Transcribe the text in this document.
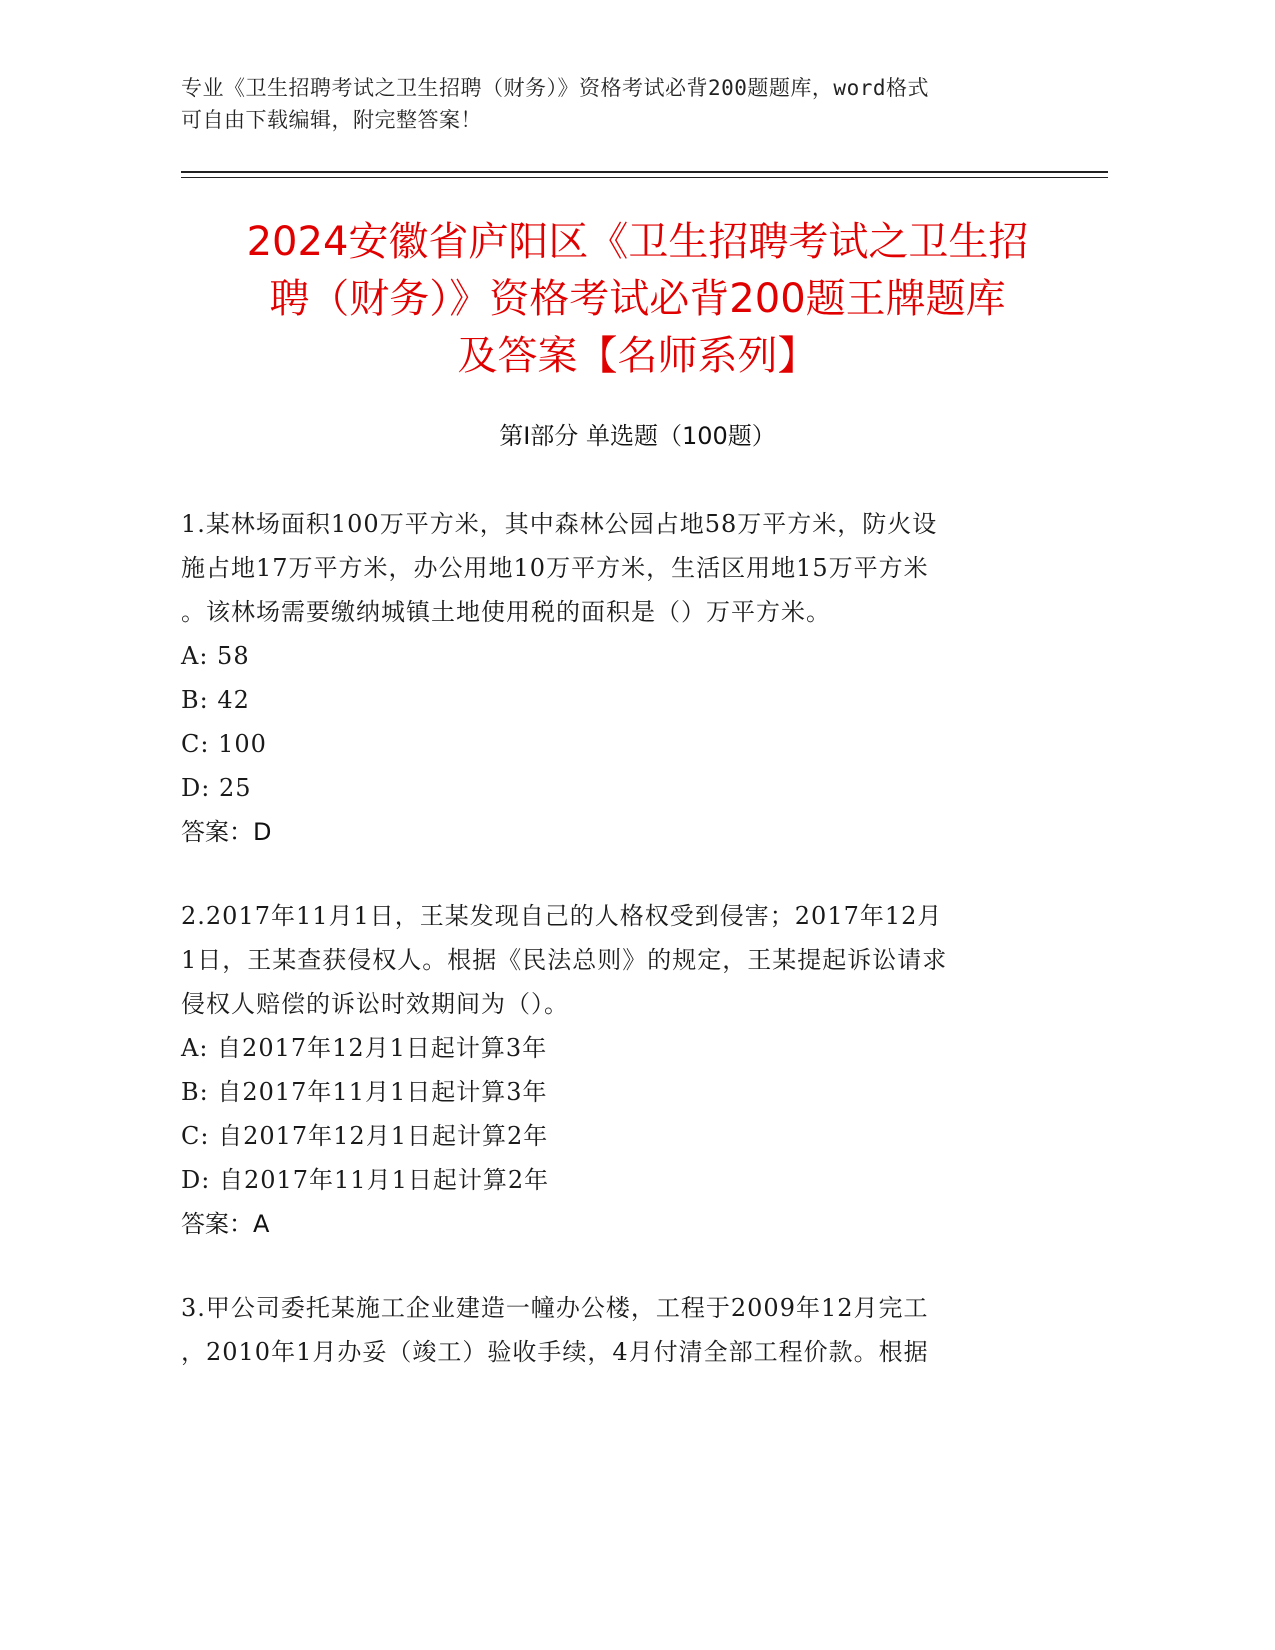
专业《卫生招聘考试之卫生招聘（财务）》资格考试必背200题题库，word格式
可自由下载编辑，附完整答案！
2024安徽省庐阳区《卫生招聘考试之卫生招
聘（财务）》资格考试必背200题王牌题库
及答案【名师系列】
第Ⅰ部分 单选题（100题）
1.某林场面积100万平方米，其中森林公园占地58万平方米，防火设
施占地17万平方米，办公用地10万平方米，生活区用地15万平方米
。该林场需要缴纳城镇土地使用税的面积是（）万平方米。
A: 58
B: 42
C: 100
D: 25
答案：D
2.2017年11月1日，王某发现自己的人格权受到侵害；2017年12月
1日，王某查获侵权人。根据《民法总则》的规定，王某提起诉讼请求
侵权人赔偿的诉讼时效期间为（）。
A: 自2017年12月1日起计算3年
B: 自2017年11月1日起计算3年
C: 自2017年12月1日起计算2年
D: 自2017年11月1日起计算2年
答案：A
3.甲公司委托某施工企业建造一幢办公楼，工程于2009年12月完工
，2010年1月办妥（竣工）验收手续，4月付清全部工程价款。根据
